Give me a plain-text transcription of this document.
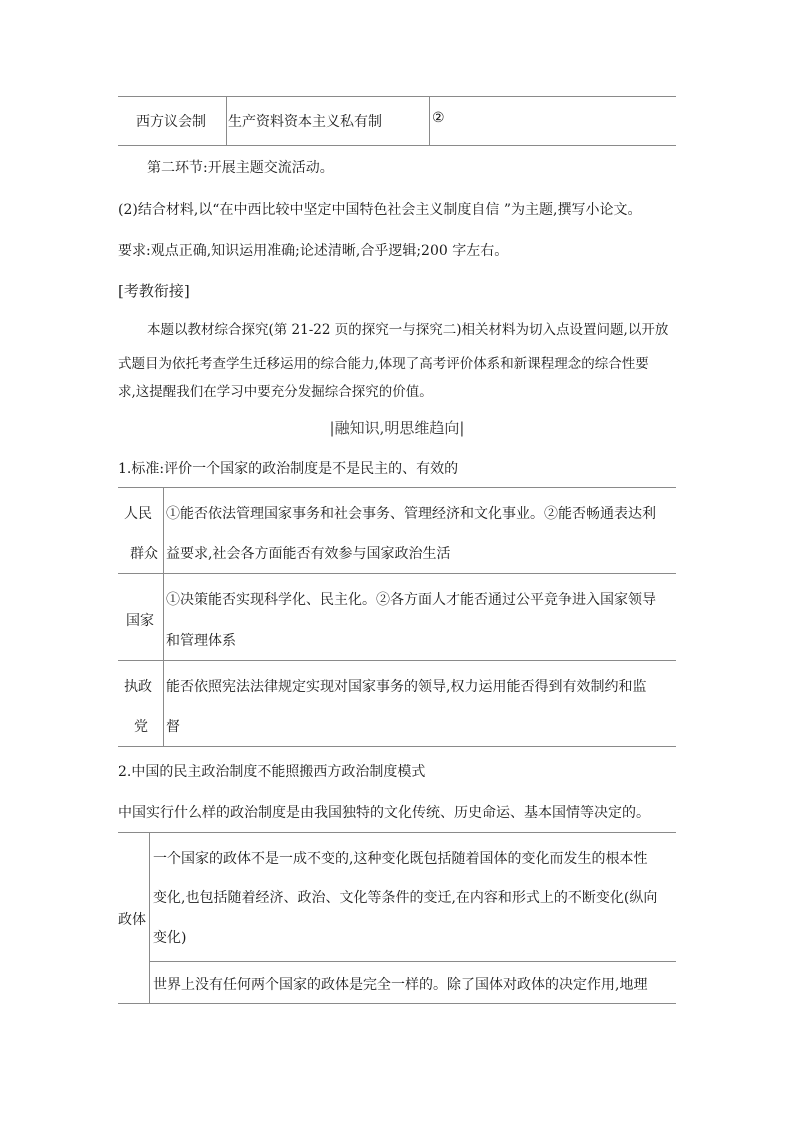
西方议会制 生产资料资本主义私有制	②
第二环节:开展主题交流活动。
(2)结合材料,以“在中西比较中坚定中国特色社会主义制度自信 ”为主题,撰写小论文。
要求:观点正确,知识运用准确;论述清晰,合乎逻辑;200 字左右。
[考教衔接]
本题以教材综合探究(第 21-22 页的探究一与探究二)相关材料为切入点设置问题,以开放
式题目为依托考查学生迁移运用的综合能力,体现了高考评价体系和新课程理念的综合性要
求,这提醒我们在学习中要充分发掘综合探究的价值。
|融知识,明思维趋向|
1.标准:评价一个国家的政治制度是不是民主的、有效的
人民
群众
①能否依法管理国家事务和社会事务、管理经济和文化事业。②能否畅通表达利
益要求,社会各方面能否有效参与国家政治生活
国家
①决策能否实现科学化、民主化。②各方面人才能否通过公平竞争进入国家领导
和管理体系
执政
党
能否依照宪法法律规定实现对国家事务的领导,权力运用能否得到有效制约和监
督
2.中国的民主政治制度不能照搬西方政治制度模式
中国实行什么样的政治制度是由我国独特的文化传统、历史命运、基本国情等决定的。
政体
一个国家的政体不是一成不变的,这种变化既包括随着国体的变化而发生的根本性
变化,也包括随着经济、政治、文化等条件的变迁,在内容和形式上的不断变化(纵向
变化)
世界上没有任何两个国家的政体是完全一样的。除了国体对政体的决定作用,地理
